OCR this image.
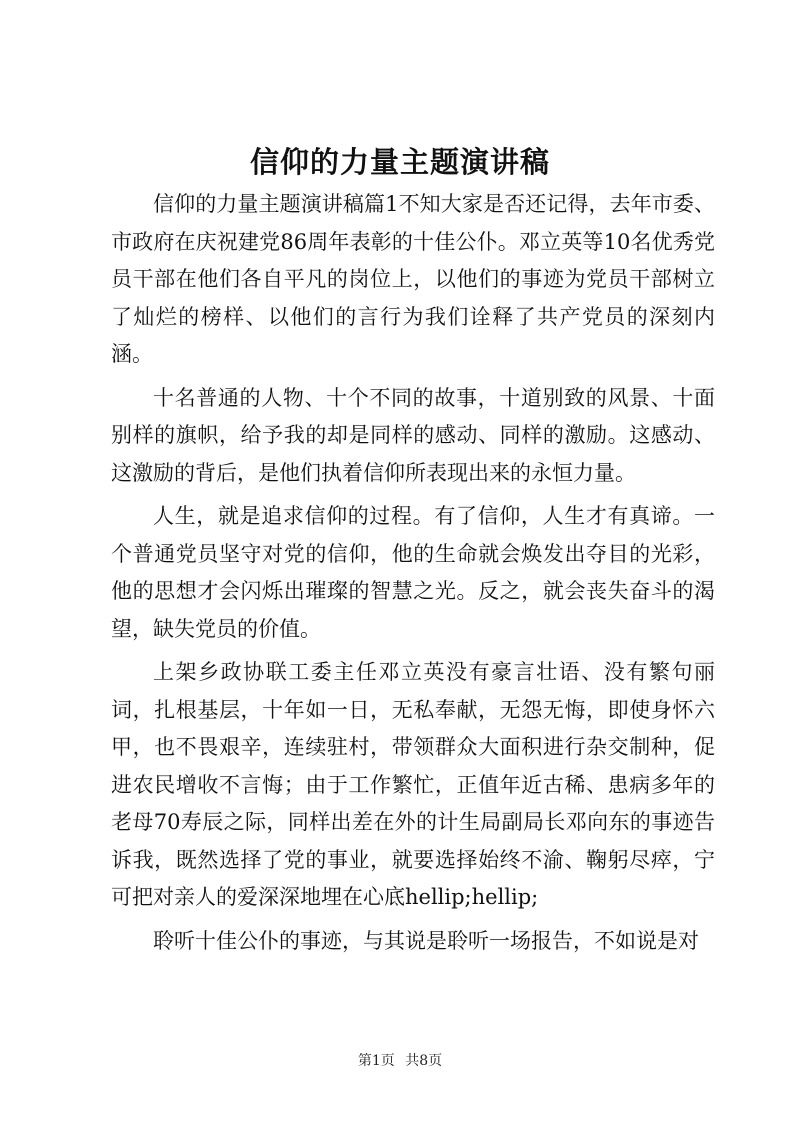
信仰的力量主题演讲稿

信仰的力量主题演讲稿篇1不知大家是否还记得，去年市委、市政府在庆祝建党86周年表彰的十佳公仆。邓立英等10名优秀党员干部在他们各自平凡的岗位上，以他们的事迹为党员干部树立了灿烂的榜样、以他们的言行为我们诠释了共产党员的深刻内涵。

十名普通的人物、十个不同的故事，十道别致的风景、十面别样的旗帜，给予我的却是同样的感动、同样的激励。这感动、这激励的背后，是他们执着信仰所表现出来的永恒力量。

人生，就是追求信仰的过程。有了信仰，人生才有真谛。一个普通党员坚守对党的信仰，他的生命就会焕发出夺目的光彩，他的思想才会闪烁出璀璨的智慧之光。反之，就会丧失奋斗的渴望，缺失党员的价值。

上架乡政协联工委主任邓立英没有豪言壮语、没有繁句丽词，扎根基层，十年如一日，无私奉献，无怨无悔，即使身怀六甲，也不畏艰辛，连续驻村，带领群众大面积进行杂交制种，促进农民增收不言悔；由于工作繁忙，正值年近古稀、患病多年的老母70寿辰之际，同样出差在外的计生局副局长邓向东的事迹告诉我，既然选择了党的事业，就要选择始终不渝、鞠躬尽瘁，宁可把对亲人的爱深深地埋在心底hellip;hellip;

聆听十佳公仆的事迹，与其说是聆听一场报告，不如说是对

第1页 共8页
